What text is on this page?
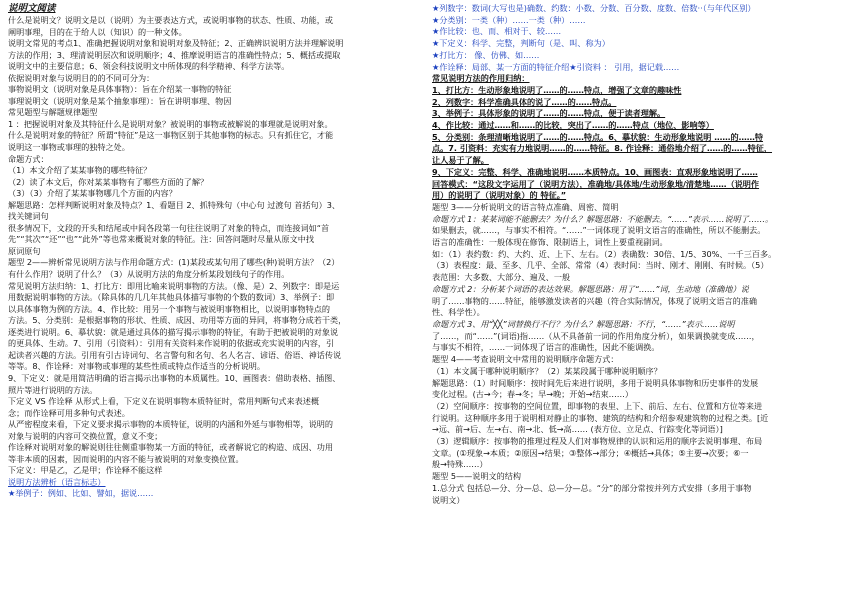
说明文阅读
什么是说明文？说明文是以（说明）为主要表达方式，或说明事物的状态、性质、功能，或
阐明事理，目的在于给人以（知识）的一种文体。
说明文常见的考点1、准确把握说明对象和说明对象及特征；2、正确辨识说明方法并理解说明
方法的作用；3、理清说明层次和说明顺序；4、推摩说明语言的准确性特点；5、概括或提取
说明文中的主要信息；6、领会科技说明文中所体现的科学精神、科学方法等。
依据说明对象与说明目的的不同可分为：
事物说明文（说明对象是具体事物）：旨在介绍某一事物的特征
事理说明文（说明对象是某个抽象事理）：旨在讲明事理、物因
常见题型与解题规律题型
1 ：把握说明对象及其特征什么是说明对象？被说明的事物或被解说的事理就是说明对象。
什么是说明对象的特征？所谓“特征”是这一事物区别于其他事物的标志。只有抓住它，才能
说明这一事物或事理的独特之处。
命题方式：
（1）本文介绍了某某事物的哪些特征？
（2）读了本文后，你对某某事物有了哪些方面的了解？
（3）（3）介绍了某某事物哪几个方面的内容？
解题思路：怎样判断说明对象及特点？1、看题目 2、抓特殊句（中心句 过渡句 首括句）3、
找关键词句
很多情况下，文段的开头和结尾或中间各段第一句往往说明了对象的特点，而连接词如“首
先”“其次”“还”“也”“此外”等也常来概说对象的特征。注：回答问题时尽量从原文中找
原词原句
题型 2——辨析常见说明方法与作用命题方式：(1)某段或某句用了哪些(种)说明方法？（2）
有什么作用？说明了什么？（3）从说明方法的角度分析某段划线句子的作用。
常见说明方法归纳：1、打比方：即用比喻来说明事物的方法。（像、是）2、列数字：即是运
用数据说明事物的方法。（除具体的几几年其他具体描写事物的个数的数词）3、举例子：即
以具体事物为例的方法。4、作比较：用另一个事物与被说明事物相比，以说明事物特点的
方法。5、分类别：是根据事物的形状、性质、成因、功用等方面的异同，将事物分成若干类，
逐类进行说明。6、摹状貌：就是通过具体的描写揭示事物的特征，有助于把被说明的对象说
的更具体、生动。7、引用（引资料）：引用有关资料来作说明的依据或充实说明的内容，引
起读者兴趣的方法。引用有引古诗词句、名言警句和名句、名人名言、谚语、俗语、神话传说
等等。8、作诠释：对事物或事理的某些性质或特点作适当的分析说明。
9、下定义：就是用简洁明确的语言揭示出事物的本质属性。10、画图表：借助表格、插图、
照片等进行说明的方法。
下定义 VS 作诠释 从形式上看，下定义在说明事物本质特征时，常用判断句式来表述概
念；而作诠释可用多种句式表述。
从严密程度来看，下定义要求揭示事物的本质特征，说明的内涵和外延与事物相等，说明的
对象与说明的内容可交换位置，意义不变；
作诠释对说明对象的解说则往往侧重事物某一方面的特征，或者解说它的构造、成因、功用
等非本质的因素，因而说明的内容不能与被说明的对象变换位置。
下定义：甲是乙，乙是甲；作诠释不能这样
说明方法辨析（语言标志）
★举例子：例如、比如、譬如，据说……
★列数字：数词(大写也是)确数、约数：小数、分数、百分数、度数、倍数··（与年代区别）
★分类别：一类（种）……一类（种）……
★作比较：也、而、相对于、较……
★下定义：科学、完整，判断句（是、叫、称为）
★打比方： 像、仿佛、如……
★作诠释：局部、某一方面的特征介绍★引资料 ： 引用，据记载……
常见说明方法的作用归纳：
1、打比方：生动形象地说明了……的……特点，增强了文章的趣味性
2、列数字：科学准确具体的说了……的……特点。
3、举例子：具体形象的说明了……的……特点，便于读者理解。
4、作比较：通过……和……的比较，突出了……的……特点（地位、影响等）
5、分类别：条理清晰地说明了……的……特点。6、摹状貌：生动形象地说明 ……的……特
点。7. 引资料：充实有力地说明……的……特征。8. 作诠释：通俗地介绍了……的……特征，
让人易于了解。
9、下定义：完整、科学、准确地说明……本质特点。10、画图表：直观形象地说明了……
回答模式：“这段文字运用了（说明方法），准确地/具体地/生动形象地/清楚地……（说明作
用）的说明了（说明对象）的 特征。”
题型 3——分析说明文的语言特点准确、周密、简明
命题方式 1：某某词能不能删去？为什么？解题思路：不能删去。“……”表示……说明了……。
如果删去，就……，与事实不相符。“……”一词体现了说明文语言的准确性，所以不能删去。
语言的准确性：一般体现在修饰、限制语上，词性上要重视副词。
如：（1）表约数：约、大约、近、上下、左右。（2）表确数：30倍、1/5、30%、一千三百多。
（3）表程度：最、至多、几乎、全部、常常（4）表时间：当时、刚才、刚刚、有时候。（5）
表范围：大多数、大部分、遍及、一般
命题方式 2：分析某个词语的表达效果。解题思路：用了“……”词，生动地（准确地）说
明了……事物的……特征，能够激发读者的兴趣（符合实际情况，体现了说明文语言的准确
性、科学性）。
命题方式 3、用“╳╳”词替换行不行？为什么？解题思路：不行，“……”表示……说明
了……，而“……”(词语)指……（从不具备前一词的作用角度分析），如果调换就变成……，
与事实不相符，……一词体现了语言的准确性，因此不能调换。
题型 4——考查说明文中常用的说明顺序命题方式：
（1）本文属于哪种说明顺序？（2）某某段属于哪种说明顺序？
解题思路：（1）时间顺序：按时间先后来进行说明，多用于说明具体事物和历史事件的发展
变化过程。(古→今；春→冬；早→晚；开始→结束……）
（2）空间顺序：按事物的空间位置，即事物的表里、上下、前后、左右、位置和方位等来进
行说明。这种顺序多用于说明相对静止的事物、建筑的结构和介绍参观建筑物的过程之类。[近
→远、前→后、左→右、南→北、低→高…… (表方位、立足点、行踪变化等词语）]
（3）逻辑顺序：按事物的推理过程及人们对事物规律的认识和运用的顺序去说明事理、布局
文章。(①现象→本质；②原因→结果；③整体→部分；④概括→具体；⑤主要→次要；⑥一
般→特殊……）
题型 5——说明文的结构
1.总分式 包括总—分、分—总、总—分—总。“分”的部分常按并列方式安排（多用于事物
说明文）
